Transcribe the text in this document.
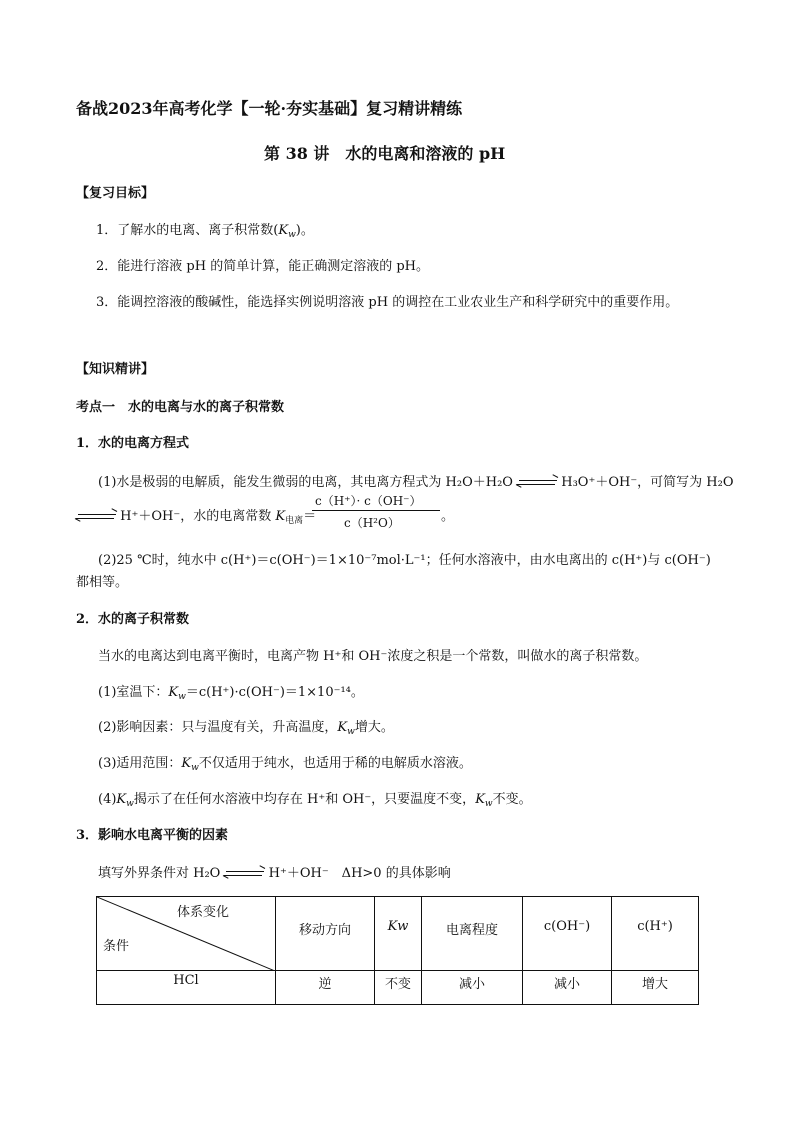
备战2023年高考化学【一轮·夯实基础】复习精讲精练
第 38 讲　水的电离和溶液的 pH
【复习目标】
1．了解水的电离、离子积常数$(K_w)$。
2．能进行溶液 pH 的简单计算，能正确测定溶液的 pH。
3．能调控溶液的酸碱性，能选择实例说明溶液 pH 的调控在工业农业生产和科学研究中的重要作用。
【知识精讲】
考点一　水的电离与水的离子积常数
1．水的电离方程式
(1)水是极弱的电解质，能发生微弱的电离，其电离方程式为 H₂O＋H₂O	H₃O⁺＋OH⁻，可简写为 H₂O
H⁺＋OH⁻，水的电离常数 $K_{电离}=$
c（H⁺）· c（OH⁻）
c（H²O）	。
(2)25 ℃时，纯水中 c(H⁺)＝c(OH⁻)＝1×10⁻⁷mol·L⁻¹；任何水溶液中，由水电离出的 c(H⁺)与 c(OH⁻)
都相等。
2．水的离子积常数
当水的电离达到电离平衡时，电离产物 H⁺和 OH⁻浓度之积是一个常数，叫做水的离子积常数。
(1)室温下：$K_w=c(H^+)\cdot c(OH^-)=1\times 10^{-14}$。
(2)影响因素：只与温度有关，升高温度，$K_w$增大。
(3)适用范围：$K_w$不仅适用于纯水，也适用于稀的电解质水溶液。
$(4)K_w$揭示了在任何水溶液中均存在 H⁺和 OH⁻，只要温度不变，$K_w$不变。
3．影响水电离平衡的因素
填写外界条件对 H₂O	H⁺＋OH⁻　ΔH>0 的具体影响
体系变化
条件	移动方向	Kw	电离程度	c(OH⁻)	c(H⁺)
HCl	逆	不变	减小	减小	增大
